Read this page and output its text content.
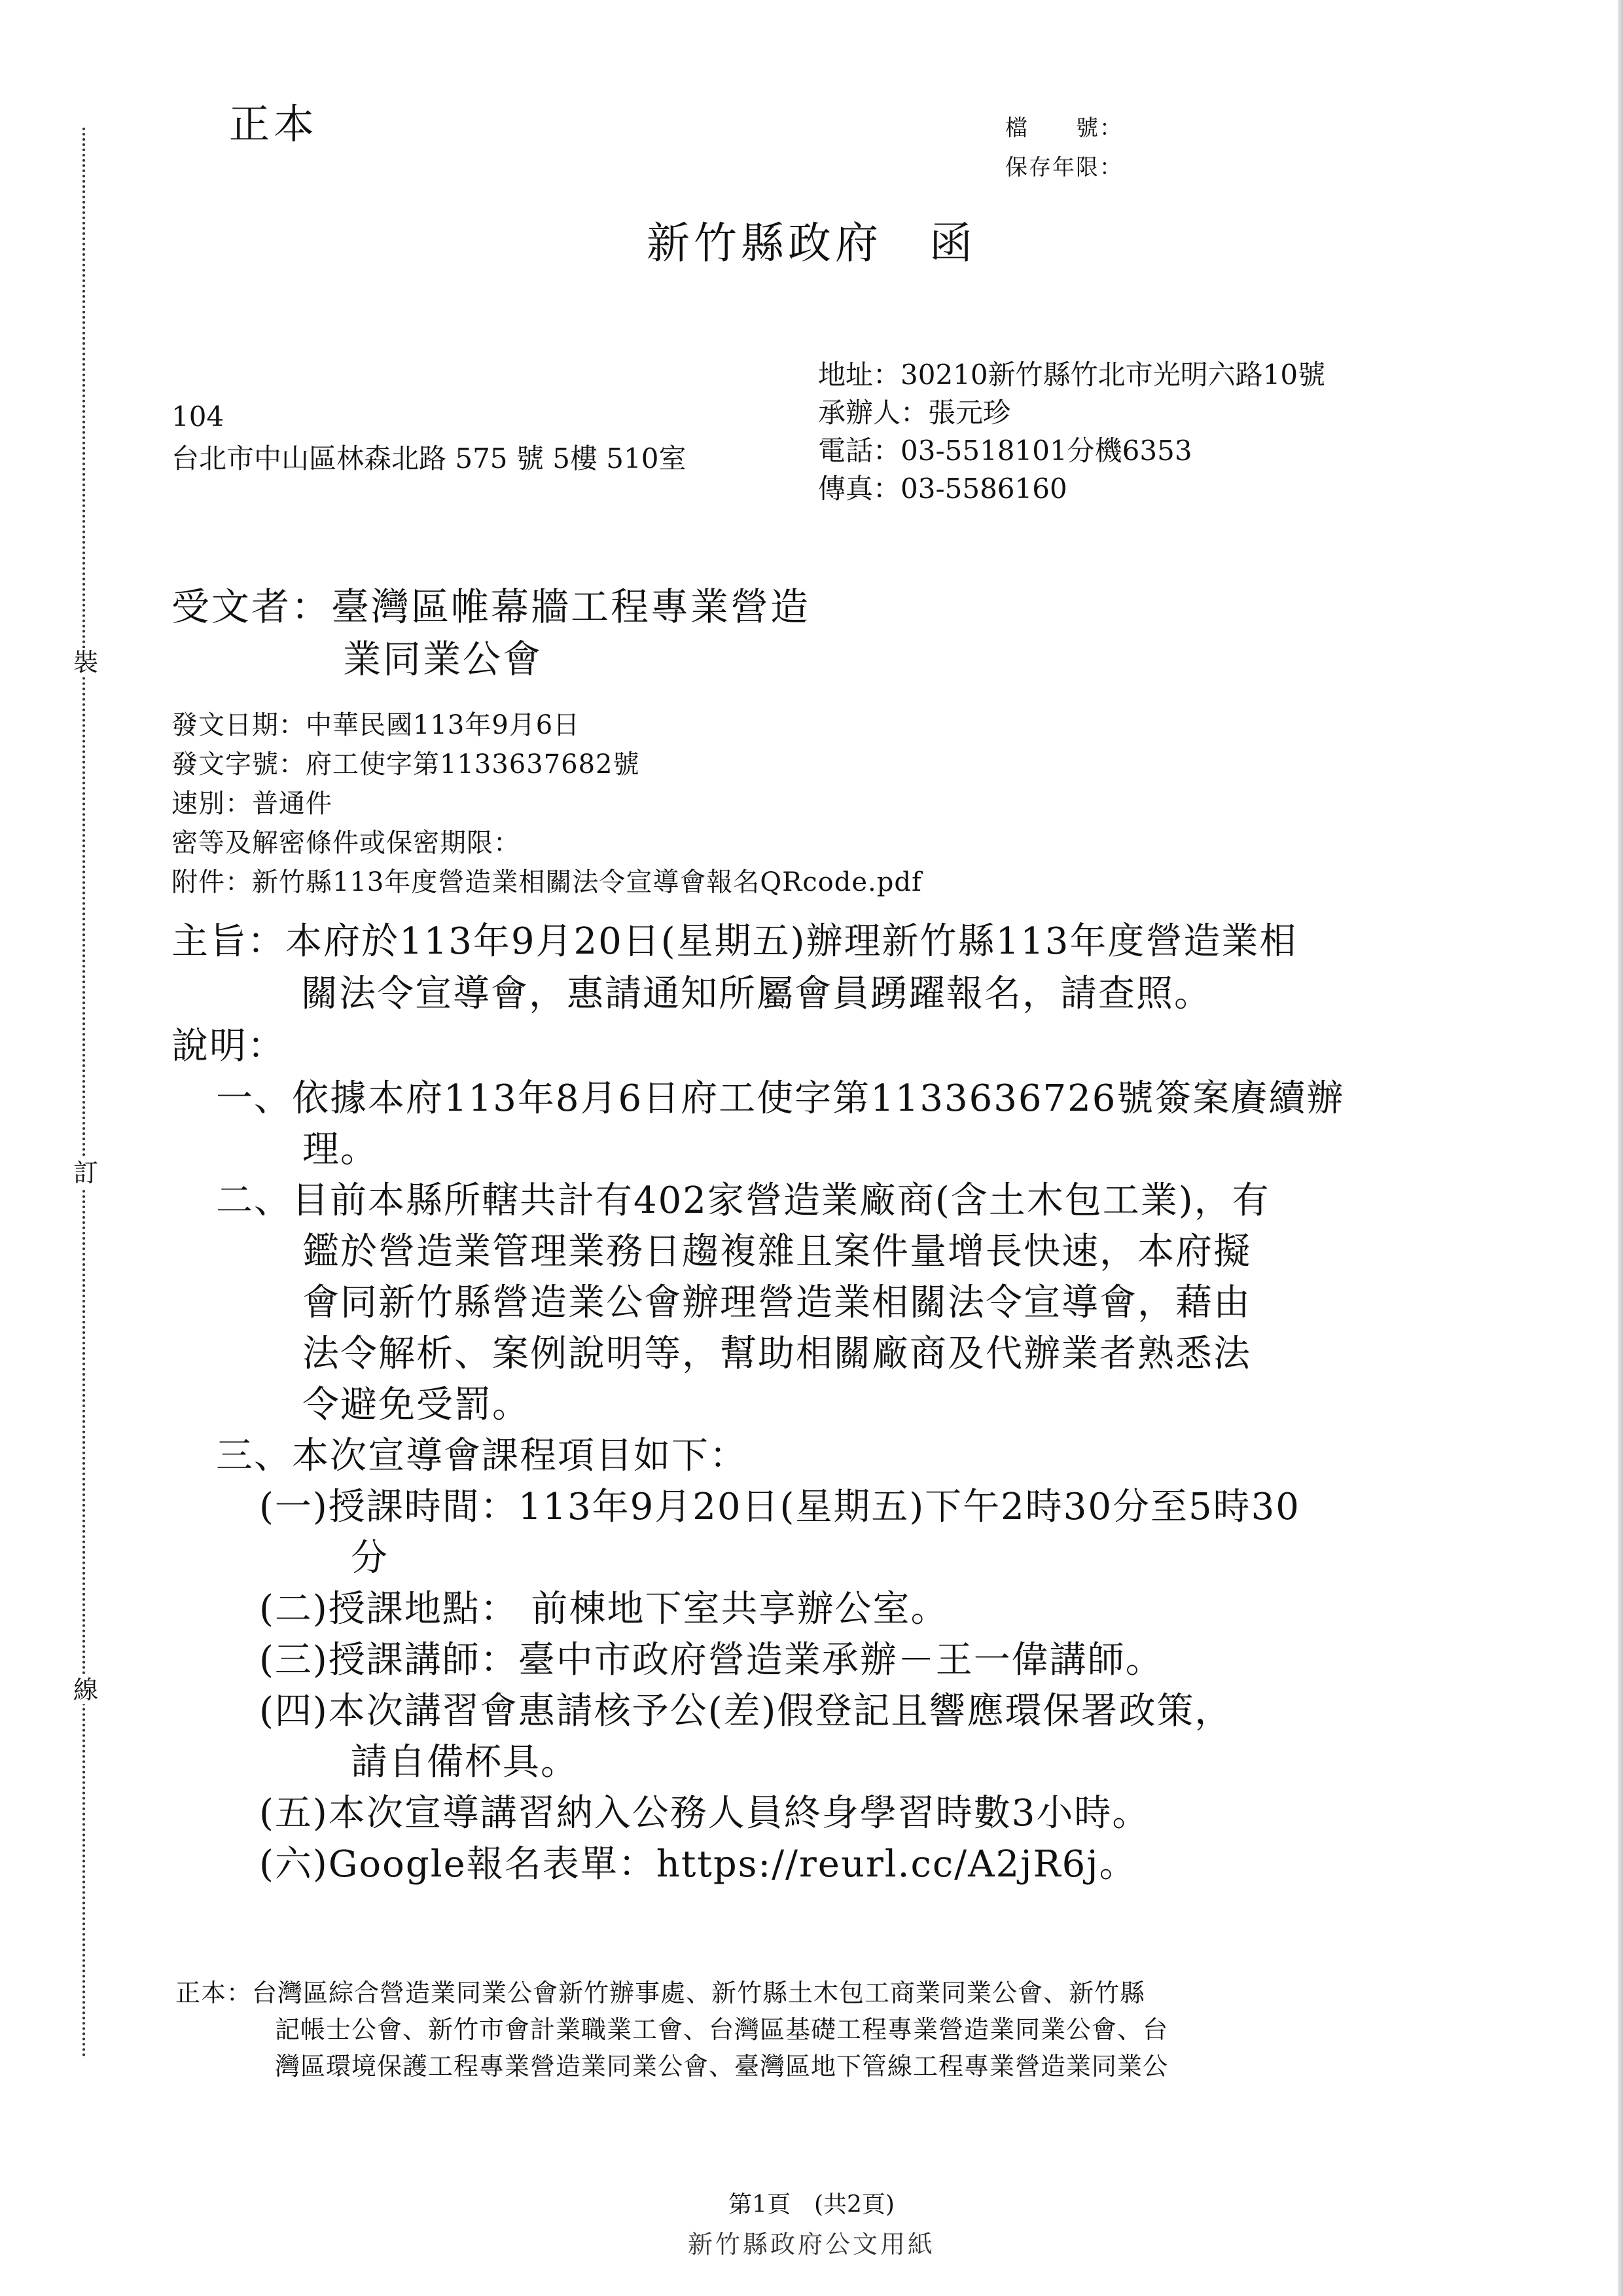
裝
訂
線
正本	檔　　號：
保存年限：
新竹縣政府　函
104
台北市中山區林森北路 575 號 5樓 510室
地址：30210新竹縣竹北市光明六路10號
承辦人：張元珍
電話：03-5518101分機6353
傳真：03-5586160
受文者：臺灣區帷幕牆工程專業營造
業同業公會
發文日期：中華民國113年9月6日
發文字號：府工使字第1133637682號
速別：普通件
密等及解密條件或保密期限：
附件：新竹縣113年度營造業相關法令宣導會報名QRcode.pdf
主旨：本府於113年9月20日(星期五)辦理新竹縣113年度營造業相
關法令宣導會，惠請通知所屬會員踴躍報名，請查照。
說明：
一、依據本府113年8月6日府工使字第1133636726號簽案賡續辦
理。
二、目前本縣所轄共計有402家營造業廠商(含土木包工業)，有
鑑於營造業管理業務日趨複雜且案件量增長快速，本府擬
會同新竹縣營造業公會辦理營造業相關法令宣導會，藉由
法令解析、案例說明等，幫助相關廠商及代辦業者熟悉法
令避免受罰。
三、本次宣導會課程項目如下：
(一)授課時間：113年9月20日(星期五)下午2時30分至5時30
分
(二)授課地點： 前棟地下室共享辦公室。
(三)授課講師：臺中市政府營造業承辦－王一偉講師。
(四)本次講習會惠請核予公(差)假登記且響應環保署政策，
請自備杯具。
(五)本次宣導講習納入公務人員終身學習時數3小時。
(六)Google報名表單：https://reurl.cc/A2jR6j。
正本：台灣區綜合營造業同業公會新竹辦事處、新竹縣土木包工商業同業公會、新竹縣
記帳士公會、新竹市會計業職業工會、台灣區基礎工程專業營造業同業公會、台
灣區環境保護工程專業營造業同業公會、臺灣區地下管線工程專業營造業同業公
第1頁　(共2頁)
新竹縣政府公文用紙
